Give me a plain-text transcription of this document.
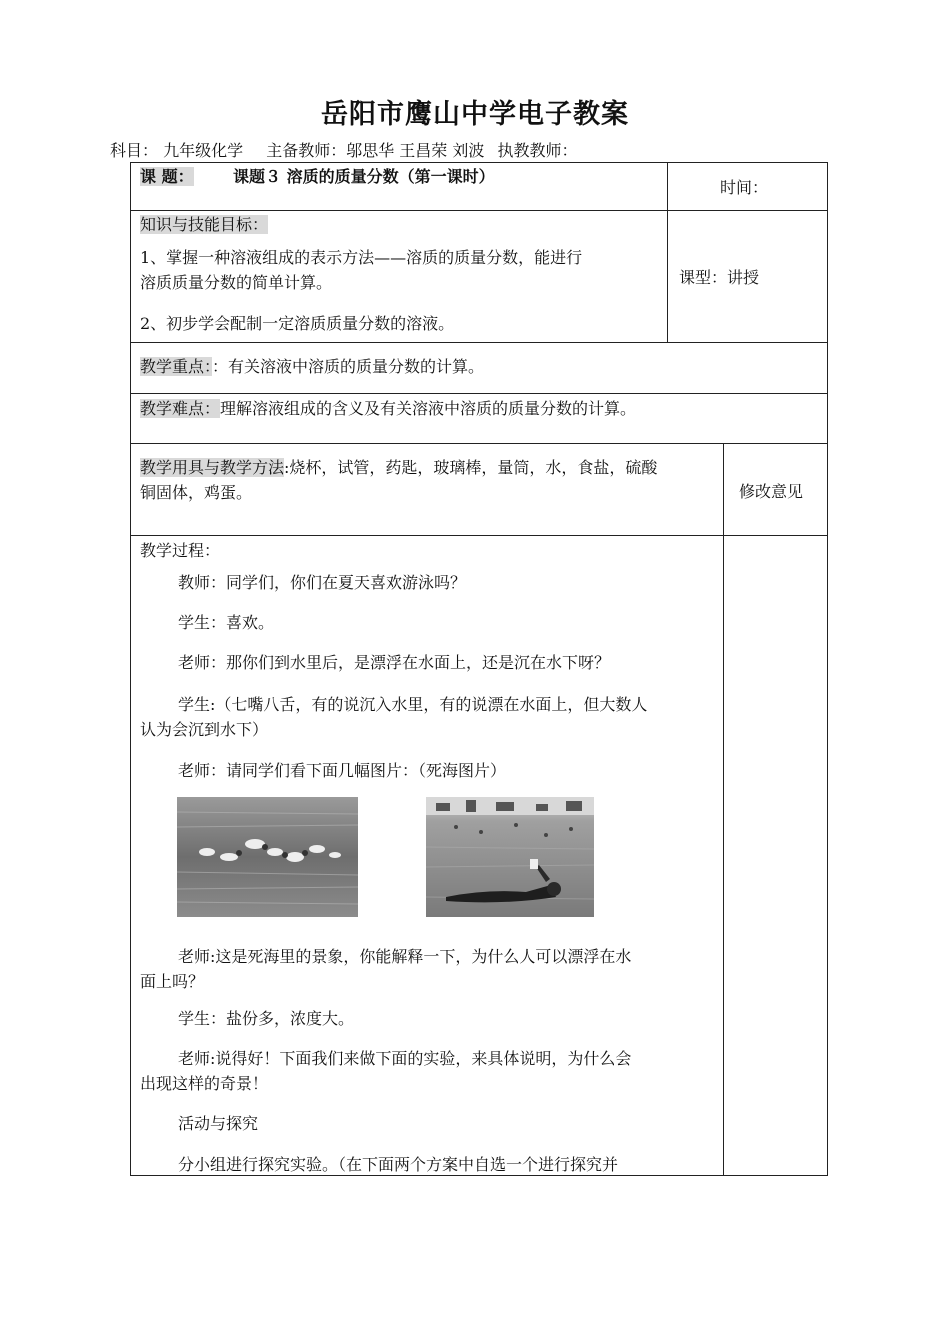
岳阳市鹰山中学电子教案
科目： 九年级化学 主备教师：邬思华 王昌荣 刘波 执教教师：
课 题： 课题３ 溶质的质量分数（第一课时）
时间：
知识与技能目标：
1、掌握一种溶液组成的表示方法——溶质的质量分数，能进行
溶质质量分数的简单计算。
2、初步学会配制一定溶质质量分数的溶液。
课型：讲授
教学重点：：有关溶液中溶质的质量分数的计算。
教学难点：理解溶液组成的含义及有关溶液中溶质的质量分数的计算。
教学用具与教学方法:烧杯，试管，药匙，玻璃棒，量筒，水，食盐，硫酸
铜固体，鸡蛋。	修改意见
教学过程：
教师：同学们，你们在夏天喜欢游泳吗？
学生：喜欢。
老师：那你们到水里后，是漂浮在水面上，还是沉在水下呀？
学生:（七嘴八舌，有的说沉入水里，有的说漂在水面上，但大数人
认为会沉到水下）
老师：请同学们看下面几幅图片：（死海图片）
老师:这是死海里的景象，你能解释一下，为什么人可以漂浮在水
面上吗？
学生：盐份多，浓度大。
老师:说得好！下面我们来做下面的实验，来具体说明，为什么会
出现这样的奇景！
活动与探究
分小组进行探究实验。（在下面两个方案中自选一个进行探究并
